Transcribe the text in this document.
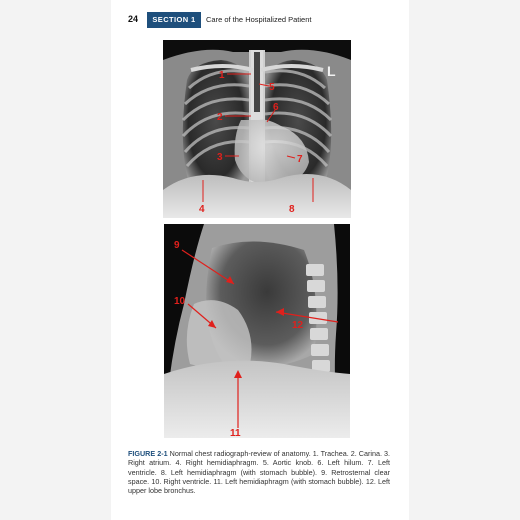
24	SECTION 1	Care of the Hospitalized Patient
L
1
2
3
4
5
6
7
8
9
10
11
12

FIGURE 2-1 Normal chest radiograph-review of anatomy. 1. Trachea. 2. Carina. 3. Right atrium. 4. Right hemidiaphragm. 5. Aortic knob. 6. Left hilum. 7. Left ventricle. 8. Left hemidiaphragm (with stomach bubble). 9. Retrosternal clear space. 10. Right ventricle. 11. Left hemidiaphragm (with stomach bubble). 12. Left upper lobe bronchus.
